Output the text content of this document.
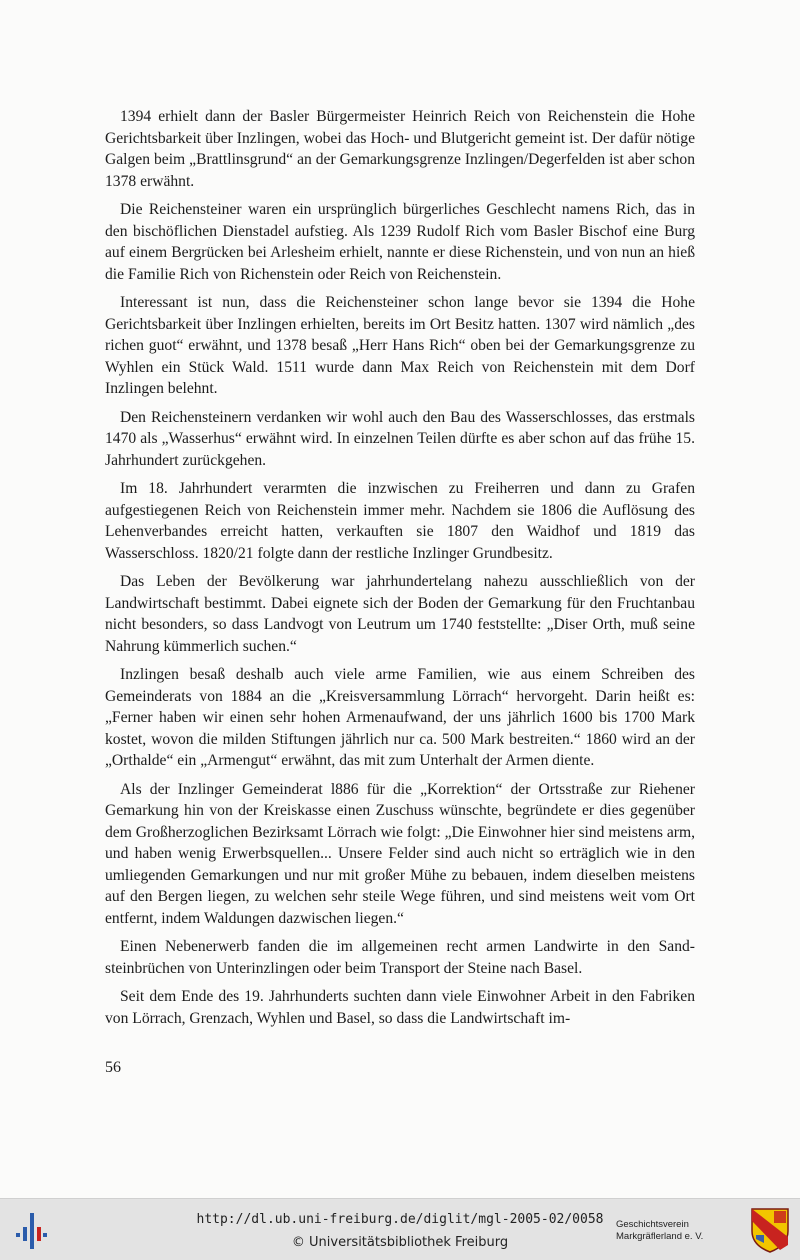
1394 erhielt dann der Basler Bürgermeister Heinrich Reich von Reichenstein die Hohe Gerichtsbarkeit über Inzlingen, wobei das Hoch- und Blutgericht gemeint ist. Der dafür nötige Galgen beim „Brattlinsgrund“ an der Gemarkungsgrenze Inzlingen/Degerfelden ist aber schon 1378 erwähnt.

Die Reichensteiner waren ein ursprünglich bürgerliches Geschlecht namens Rich, das in den bischöflichen Dienstadel aufstieg. Als 1239 Rudolf Rich vom Basler Bischof eine Burg auf einem Bergrücken bei Arlesheim erhielt, nannte er diese Richenstein, und von nun an hieß die Familie Rich von Richenstein oder Reich von Reichenstein.

Interessant ist nun, dass die Reichensteiner schon lange bevor sie 1394 die Hohe Gerichtsbarkeit über Inzlingen erhielten, bereits im Ort Besitz hatten. 1307 wird nämlich „des richen guot“ erwähnt, und 1378 besaß „Herr Hans Rich“ oben bei der Gemarkungsgrenze zu Wyhlen ein Stück Wald. 1511 wurde dann Max Reich von Reichenstein mit dem Dorf Inzlingen belehnt.

Den Reichensteinern verdanken wir wohl auch den Bau des Wasserschlosses, das erstmals 1470 als „Wasserhus“ erwähnt wird. In einzelnen Teilen dürfte es aber schon auf das frühe 15. Jahrhundert zurückgehen.

Im 18. Jahrhundert verarmten die inzwischen zu Freiherren und dann zu Grafen aufgestiegenen Reich von Reichenstein immer mehr. Nachdem sie 1806 die Auflösung des Lehenverbandes erreicht hatten, verkauften sie 1807 den Waidhof und 1819 das Wasserschloss. 1820/21 folgte dann der restliche Inzlinger Grundbesitz.

Das Leben der Bevölkerung war jahrhundertelang nahezu ausschließlich von der Landwirtschaft bestimmt. Dabei eignete sich der Boden der Gemarkung für den Fruchtanbau nicht besonders, so dass Landvogt von Leutrum um 1740 feststellte: „Diser Orth, muß seine Nahrung kümmerlich suchen.“

Inzlingen besaß deshalb auch viele arme Familien, wie aus einem Schreiben des Gemeinderats von 1884 an die „Kreisversammlung Lörrach“ hervorgeht. Darin heißt es: „Ferner haben wir einen sehr hohen Armenaufwand, der uns jährlich 1600 bis 1700 Mark kostet, wovon die milden Stiftungen jährlich nur ca. 500 Mark bestreiten.“ 1860 wird an der „Orthalde“ ein „Armengut“ erwähnt, das mit zum Unterhalt der Armen diente.

Als der Inzlinger Gemeinderat l886 für die „Korrektion“ der Ortsstraße zur Riehener Gemarkung hin von der Kreiskasse einen Zuschuss wünschte, begründete er dies gegenüber dem Großherzoglichen Bezirksamt Lörrach wie folgt: „Die Einwohner hier sind meistens arm, und haben wenig Erwerbsquellen... Unsere Felder sind auch nicht so erträglich wie in den umliegenden Gemarkungen und nur mit großer Mühe zu bebauen, indem dieselben meistens auf den Bergen liegen, zu welchen sehr steile Wege führen, und sind meistens weit vom Ort entfernt, indem Waldungen dazwischen liegen.“

Einen Nebenerwerb fanden die im allgemeinen recht armen Landwirte in den Sandsteinbrüchen von Unterinzlingen oder beim Transport der Steine nach Basel.

Seit dem Ende des 19. Jahrhunderts suchten dann viele Einwohner Arbeit in den Fabriken von Lörrach, Grenzach, Wyhlen und Basel, so dass die Landwirtschaft im-

56
http://dl.ub.uni-freiburg.de/diglit/mgl-2005-02/0058
© Universitätsbibliothek Freiburg
Geschichtsverein
Markgräflerland e. V.
